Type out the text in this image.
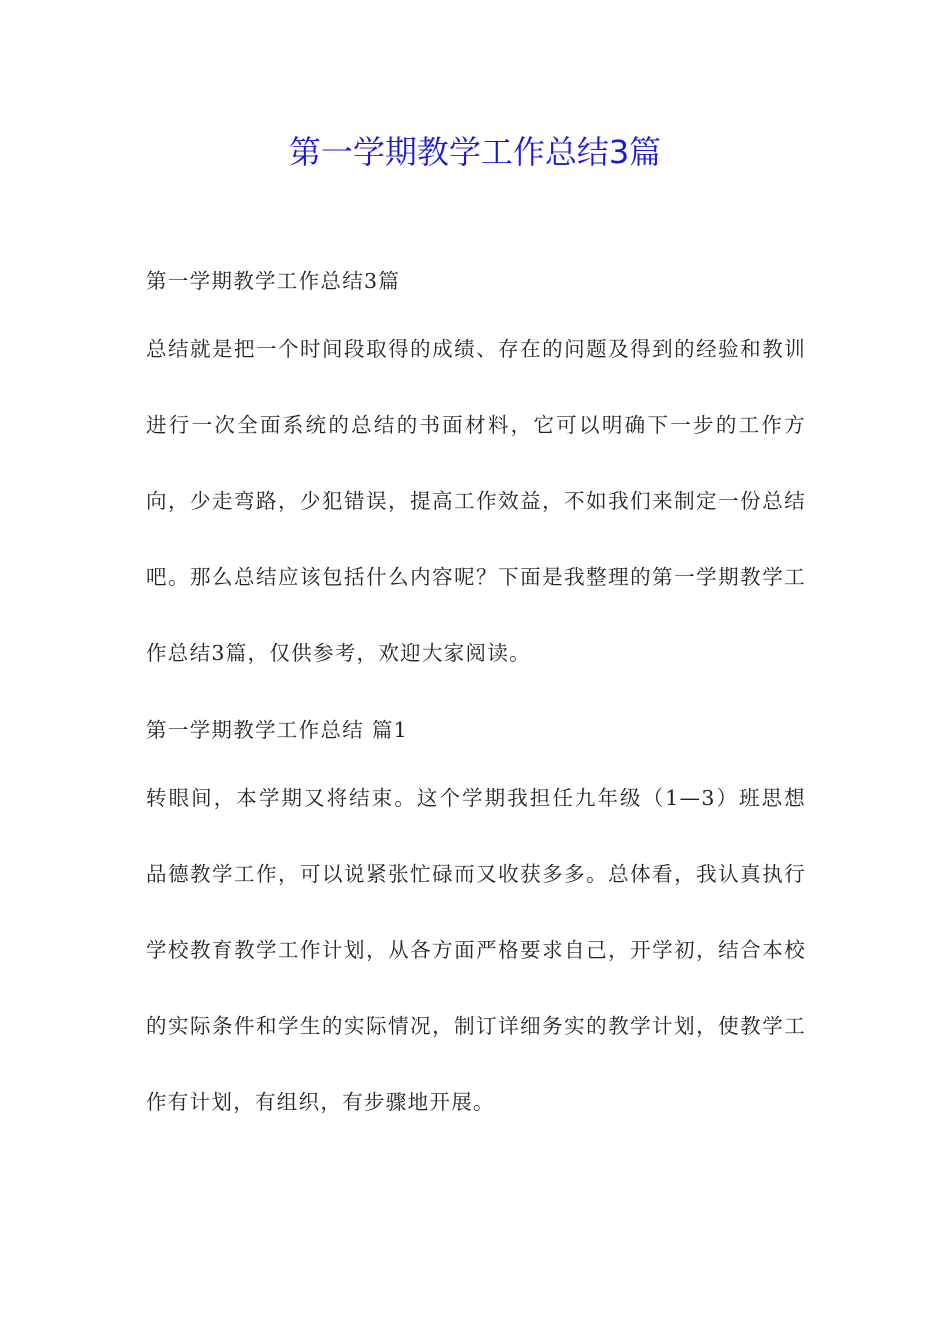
第一学期教学工作总结3篇

第一学期教学工作总结3篇

总结就是把一个时间段取得的成绩、存在的问题及得到的经验和教训进行一次全面系统的总结的书面材料，它可以明确下一步的工作方向，少走弯路，少犯错误，提高工作效益，不如我们来制定一份总结吧。那么总结应该包括什么内容呢？下面是我整理的第一学期教学工作总结3篇，仅供参考，欢迎大家阅读。

第一学期教学工作总结 篇1

转眼间，本学期又将结束。这个学期我担任九年级（1—3）班思想品德教学工作，可以说紧张忙碌而又收获多多。总体看，我认真执行学校教育教学工作计划，从各方面严格要求自己，开学初，结合本校的实际条件和学生的实际情况，制订详细务实的教学计划，使教学工作有计划，有组织，有步骤地开展。
